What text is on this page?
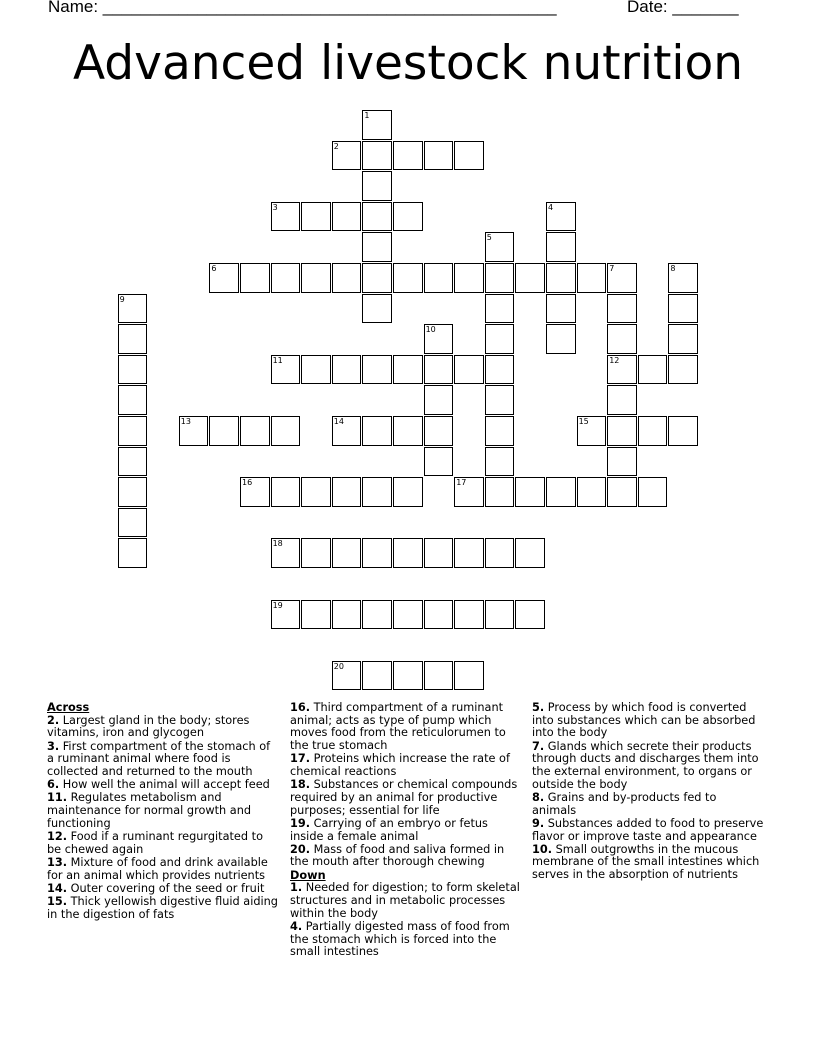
Name: ________________________________________________	Date: _______
Advanced livestock nutrition
1
2
3	4
5
6	7
12
8
9
10
11
13	14	15
16	17
18
19
20
Across
2. Largest gland in the body; stores vitamins, iron and glycogen
3. First compartment of the stomach of a ruminant animal where food is collected and returned to the mouth
6. How well the animal will accept feed
11. Regulates metabolism and maintenance for normal growth and functioning
12. Food if a ruminant regurgitated to be chewed again
13. Mixture of food and drink available for an animal which provides nutrients
14. Outer covering of the seed or fruit
15. Thick yellowish digestive fluid aiding in the digestion of fats
16. Third compartment of a ruminant animal; acts as type of pump which moves food from the reticulorumen to the true stomach
17. Proteins which increase the rate of chemical reactions
18. Substances or chemical compounds required by an animal for productive purposes; essential for life
19. Carrying of an embryo or fetus inside a female animal
20. Mass of food and saliva formed in the mouth after thorough chewing
Down
1. Needed for digestion; to form skeletal structures and in metabolic processes within the body
4. Partially digested mass of food from the stomach which is forced into the small intestines
5. Process by which food is converted into substances which can be absorbed into the body
7. Glands which secrete their products through ducts and discharges them into the external environment, to organs or outside the body
8. Grains and by-products fed to animals
9. Substances added to food to preserve flavor or improve taste and appearance
10. Small outgrowths in the mucous membrane of the small intestines which serves in the absorption of nutrients
